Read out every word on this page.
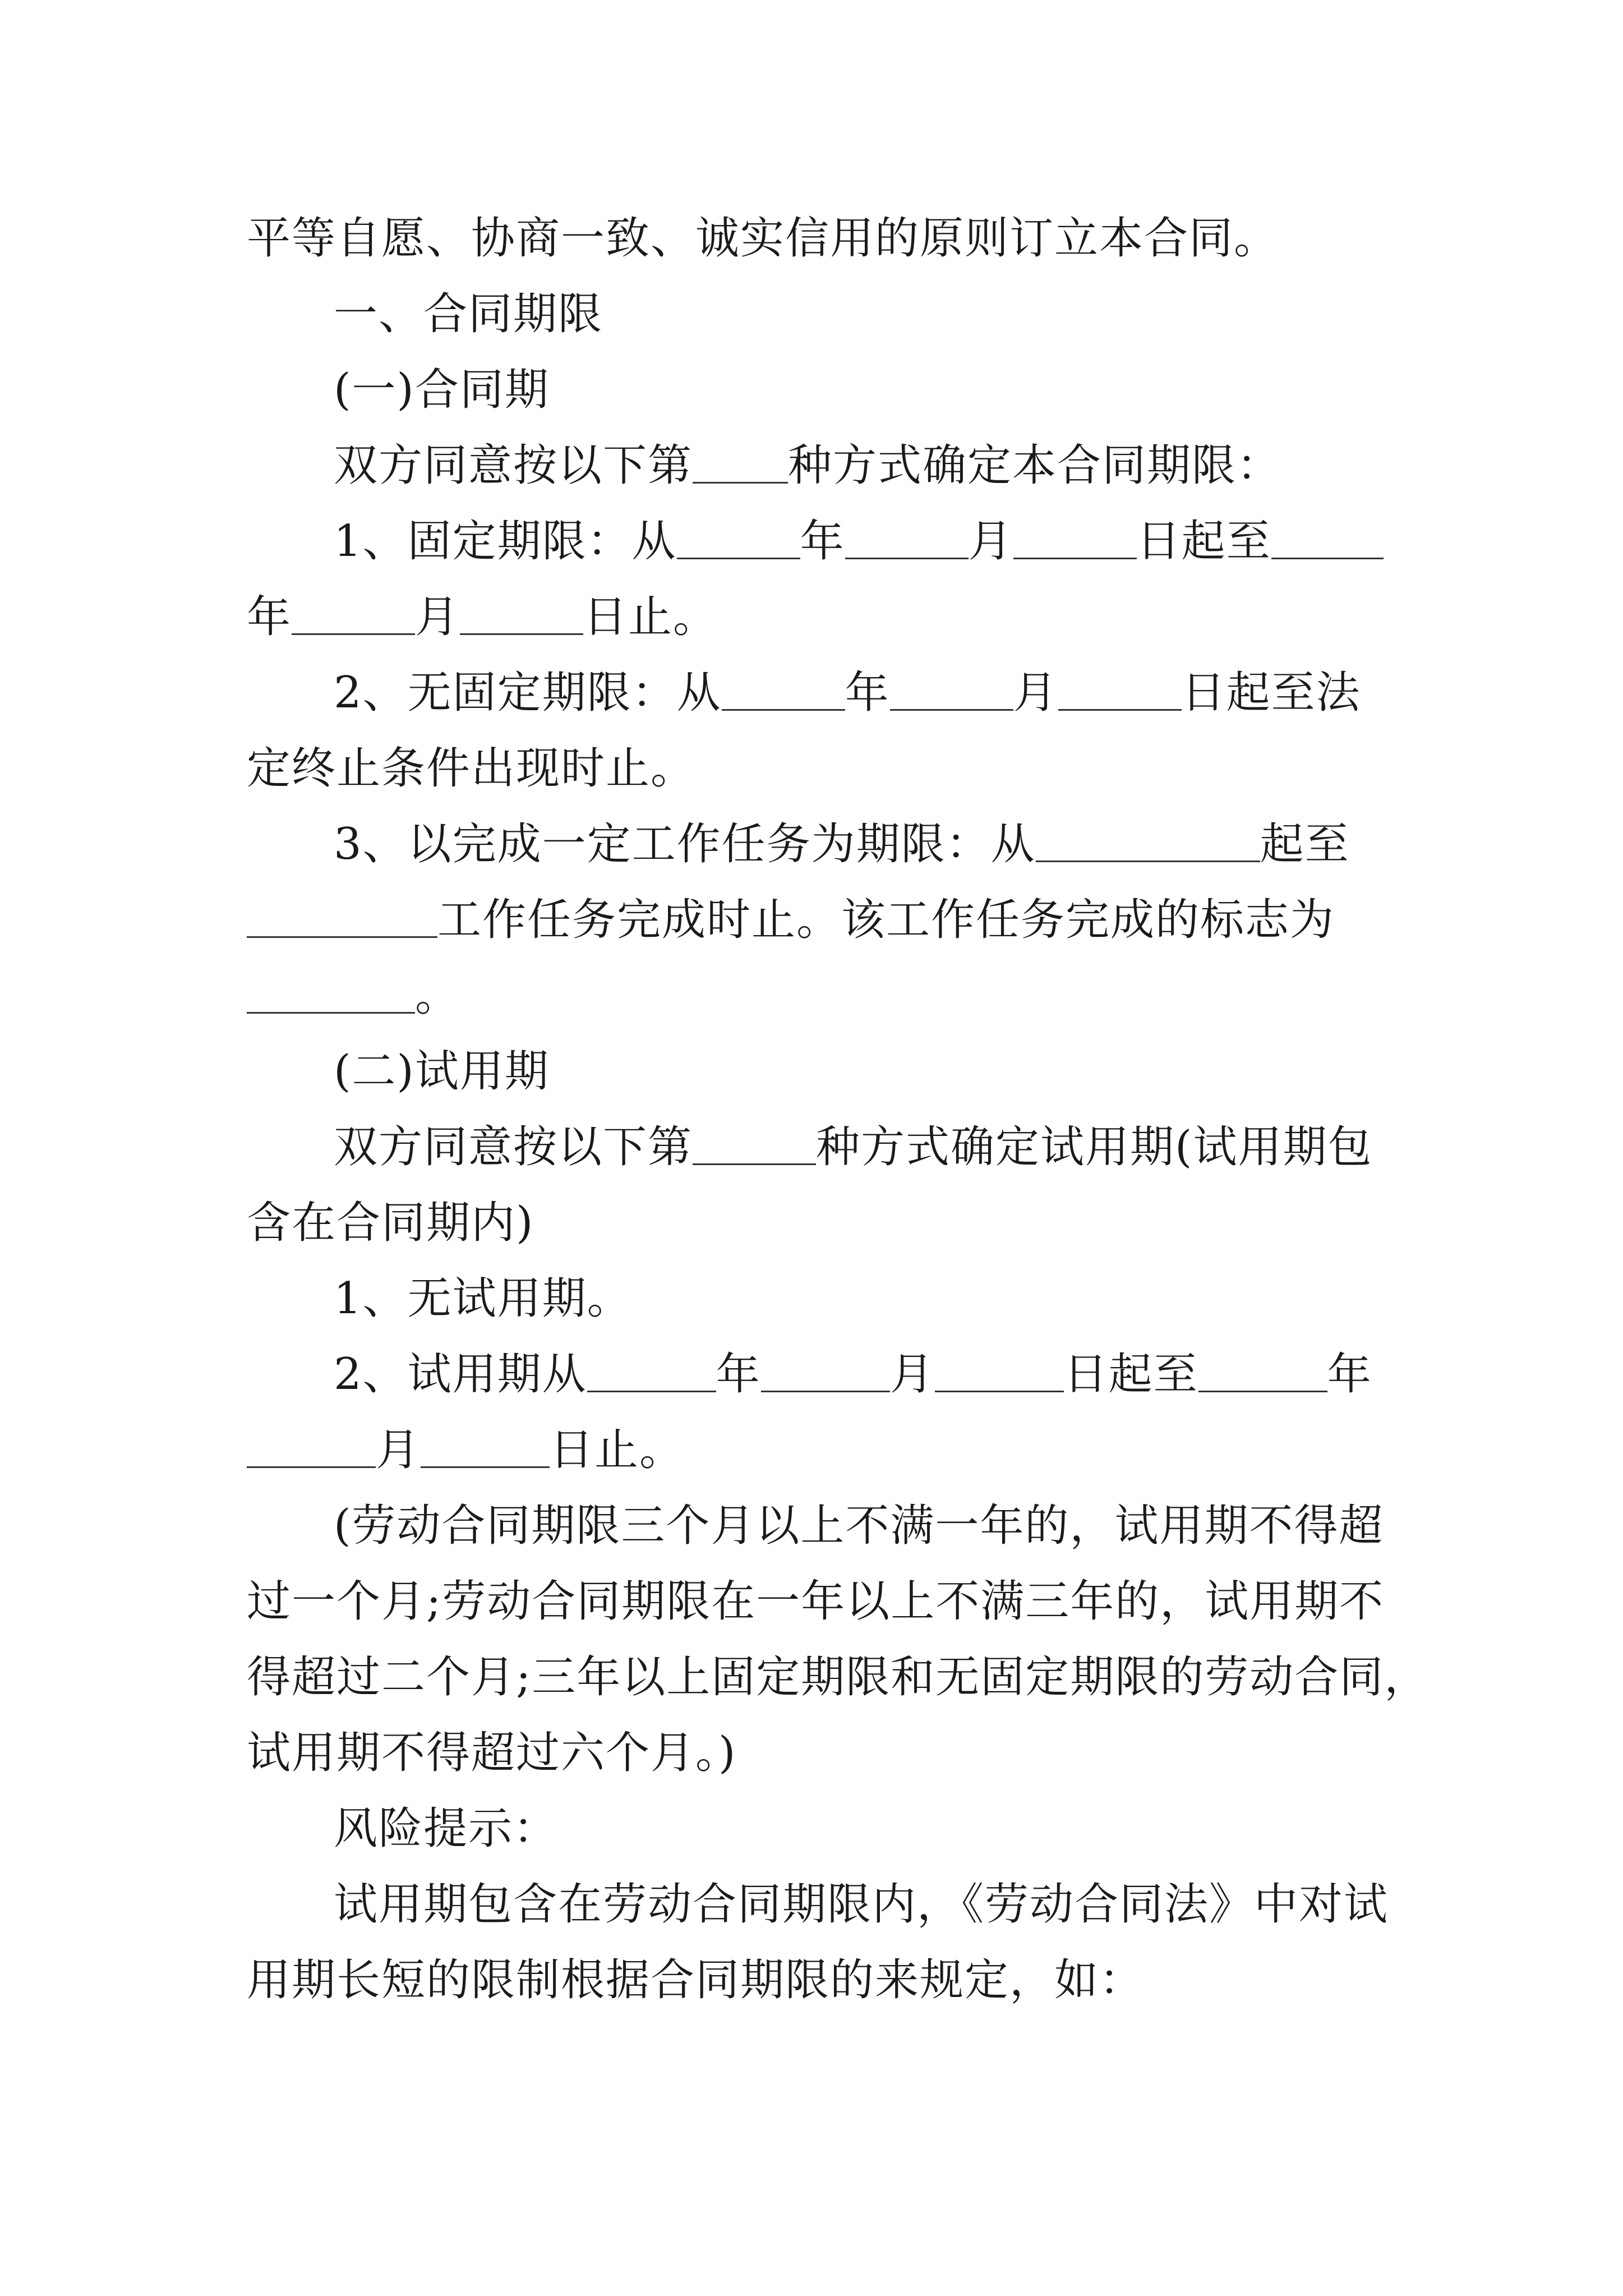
平等自愿、协商一致、诚实信用的原则订立本合同。
一、合同期限
(一)合同期
双方同意按以下第 种方式确定本合同期限：
1、固定期限：从	年	月	日起至
年	月	日止。
2、无固定期限：从	年	月	日起至法
定终止条件出现时止。
3、以完成一定工作任务为期限：从	起至
工作任务完成时止。该工作任务完成的标志为
。
(二)试用期
双方同意按以下第	种方式确定试用期(试用期包
含在合同期内)
1、无试用期。
2、试用期从	年	月	日起至	年
月	日止。
(劳动合同期限三个月以上不满一年的，试用期不得超
过一个月;劳动合同期限在一年以上不满三年的，试用期不
得超过二个月;三年以上固定期限和无固定期限的劳动合同，
试用期不得超过六个月。)
风险提示：
试用期包含在劳动合同期限内，《劳动合同法》中对试
用期长短的限制根据合同期限的来规定，如：
